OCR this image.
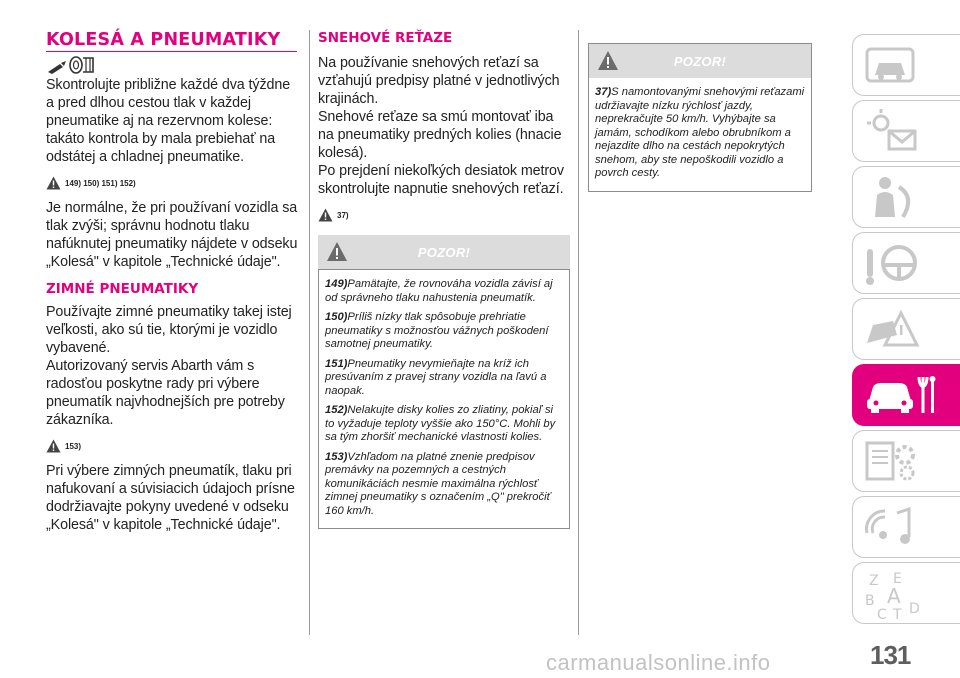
KOLESÁ A PNEUMATIKY

Skontrolujte približne každé dva týždne a pred dlhou cestou tlak v každej pneumatike aj na rezervnom kolese: takáto kontrola by mala prebiehať na odstátej a chladnej pneumatike.

149) 150) 151) 152)

Je normálne, že pri používaní vozidla sa tlak zvýši; správnu hodnotu tlaku nafúknutej pneumatiky nájdete v odseku „Kolesá" v kapitole „Technické údaje".

ZIMNÉ PNEUMATIKY

Používajte zimné pneumatiky takej istej veľkosti, ako sú tie, ktorými je vozidlo vybavené.

Autorizovaný servis Abarth vám s radosťou poskytne rady pri výbere pneumatík najvhodnejších pre potreby zákazníka.

153)

Pri výbere zimných pneumatík, tlaku pri nafukovaní a súvisiacich údajoch prísne dodržiavajte pokyny uvedené v odseku „Kolesá" v kapitole „Technické údaje".

SNEHOVÉ REŤAZE

Na používanie snehových reťazí sa vzťahujú predpisy platné v jednotlivých krajinách.

Snehové reťaze sa smú montovať iba na pneumatiky predných kolies (hnacie kolesá).

Po prejdení niekoľkých desiatok metrov skontrolujte napnutie snehových reťazí.

37)
POZOR!

149)Pamätajte, že rovnováha vozidla závisí aj od správneho tlaku nahustenia pneumatík.

150)Príliš nízky tlak spôsobuje prehriatie pneumatiky s možnosťou vážnych poškodení samotnej pneumatiky.

151)Pneumatiky nevymieňajte na kríž ich presúvaním z pravej strany vozidla na ľavú a naopak.

152)Nelakujte disky kolies zo zliatiny, pokiaľ si to vyžaduje teploty vyššie ako 150°C. Mohli by sa tým zhoršiť mechanické vlastnosti kolies.

153)Vzhľadom na platné znenie predpisov premávky na pozemných a cestných komunikáciách nesmie maximálna rýchlosť zimnej pneumatiky s označením „Q" prekročiť 160 km/h.

POZOR!

37)S namontovanými snehovými reťazami udržiavajte nízku rýchlosť jazdy, neprekračujte 50 km/h. Vyhýbajte sa jamám, schodíkom alebo obrubníkom a nejazdite dlho na cestách nepokrytých snehom, aby ste nepoškodili vozidlo a povrch cesty.

Z E
B A
C T D
131
carmanualsonline.info
